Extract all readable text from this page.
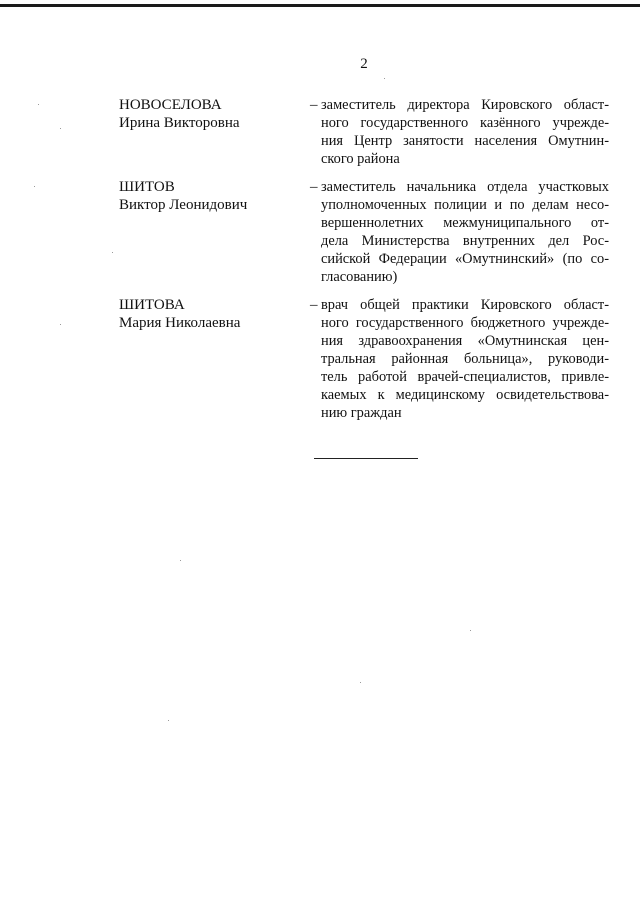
2
НОВОСЕЛОВА
Ирина Викторовна
– заместитель директора Кировского област-
ного государственного казённого учрежде-
ния Центр занятости населения Омутнин-
ского района
ШИТОВ
Виктор Леонидович
– заместитель начальника отдела участковых
уполномоченных полиции и по делам несо-
вершеннолетних межмуниципального от-
дела Министерства внутренних дел Рос-
сийской Федерации «Омутнинский» (по со-
гласованию)
ШИТОВА
Мария Николаевна
– врач общей практики Кировского област-
ного государственного бюджетного учрежде-
ния здравоохранения «Омутнинская цен-
тральная районная больница», руководи-
тель работой врачей-специалистов, привле-
каемых к медицинскому освидетельствова-
нию граждан
